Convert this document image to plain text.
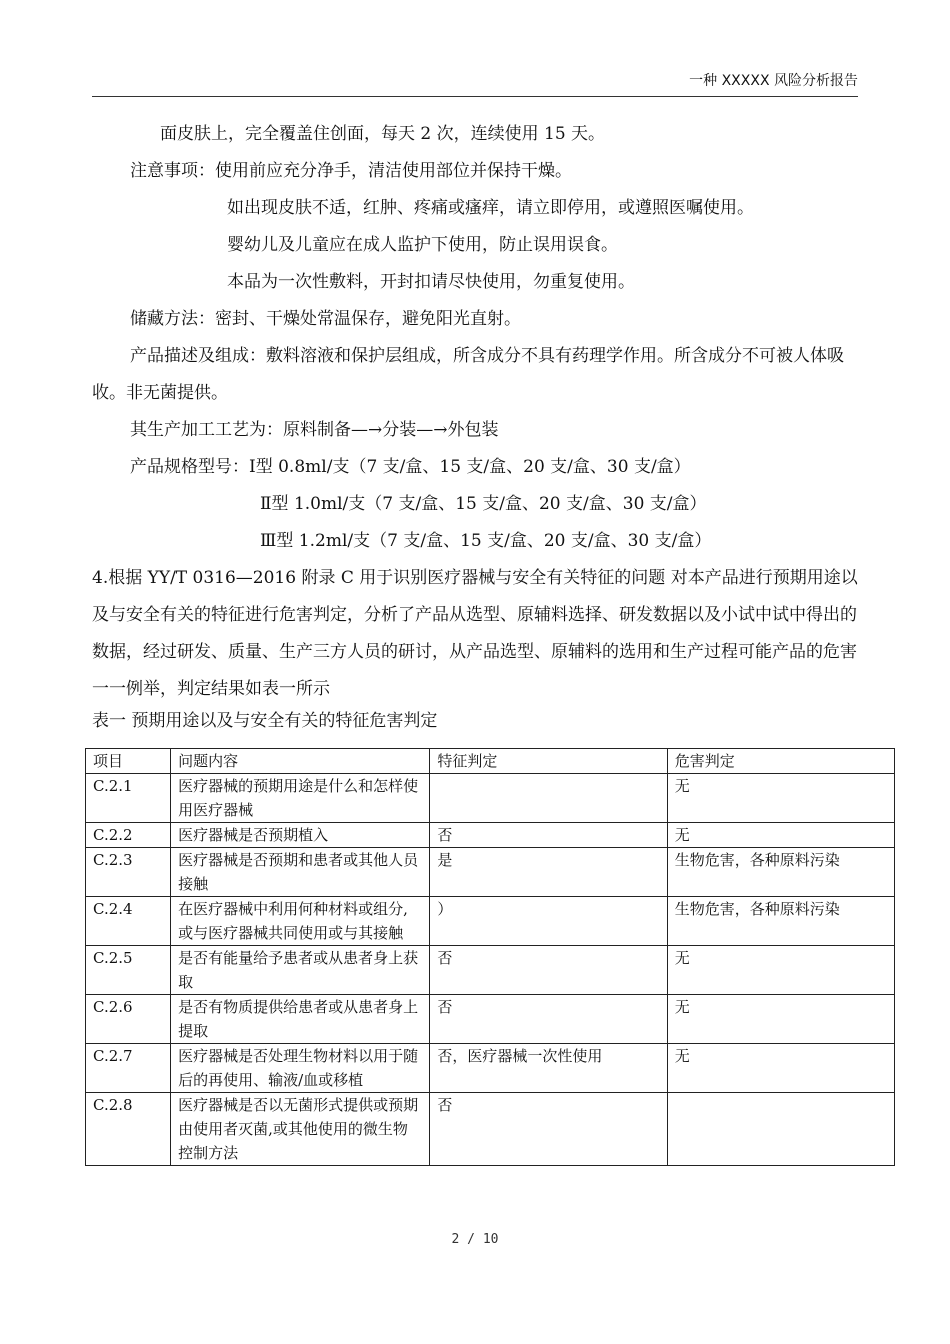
一种 XXXXX 风险分析报告
面皮肤上，完全覆盖住创面，每天 2 次，连续使用 15 天。
注意事项：使用前应充分净手，清洁使用部位并保持干燥。
如出现皮肤不适，红肿、疼痛或瘙痒，请立即停用，或遵照医嘱使用。
婴幼儿及儿童应在成人监护下使用，防止误用误食。
本品为一次性敷料，开封扣请尽快使用，勿重复使用。
储藏方法：密封、干燥处常温保存，避免阳光直射。
产品描述及组成：敷料溶液和保护层组成，所含成分不具有药理学作用。所含成分不可被人体吸收。非无菌提供。
其生产加工工艺为：原料制备—→分装—→外包装
产品规格型号：Ⅰ型 0.8ml/支（7 支/盒、15 支/盒、20 支/盒、30 支/盒）
Ⅱ型 1.0ml/支（7 支/盒、15 支/盒、20 支/盒、30 支/盒）
Ⅲ型 1.2ml/支（7 支/盒、15 支/盒、20 支/盒、30 支/盒）
4.根据 YY/T 0316—2016 附录 C 用于识别医疗器械与安全有关特征的问题 对本产品进行预期用途以及与安全有关的特征进行危害判定，分析了产品从选型、原辅料选择、研发数据以及小试中试中得出的数据，经过研发、质量、生产三方人员的研讨，从产品选型、原辅料的选用和生产过程可能产品的危害一一例举，判定结果如表一所示
表一 预期用途以及与安全有关的特征危害判定
项目	问题内容	特征判定	危害判定
C.2.1	医疗器械的预期用途是什么和怎样使用医疗器械		无
C.2.2	医疗器械是否预期植入	否	无
C.2.3	医疗器械是否预期和患者或其他人员接触	是	生物危害，各种原料污染
C.2.4	在医疗器械中利用何种材料或组分,或与医疗器械共同使用或与其接触	）	生物危害，各种原料污染
C.2.5	是否有能量给予患者或从患者身上获取	否	无
C.2.6	是否有物质提供给患者或从患者身上提取	否	无
C.2.7	医疗器械是否处理生物材料以用于随后的再使用、输液/血或移植	否，医疗器械一次性使用	无
C.2.8	医疗器械是否以无菌形式提供或预期由使用者灭菌,或其他使用的微生物控制方法	否	
2 / 10
